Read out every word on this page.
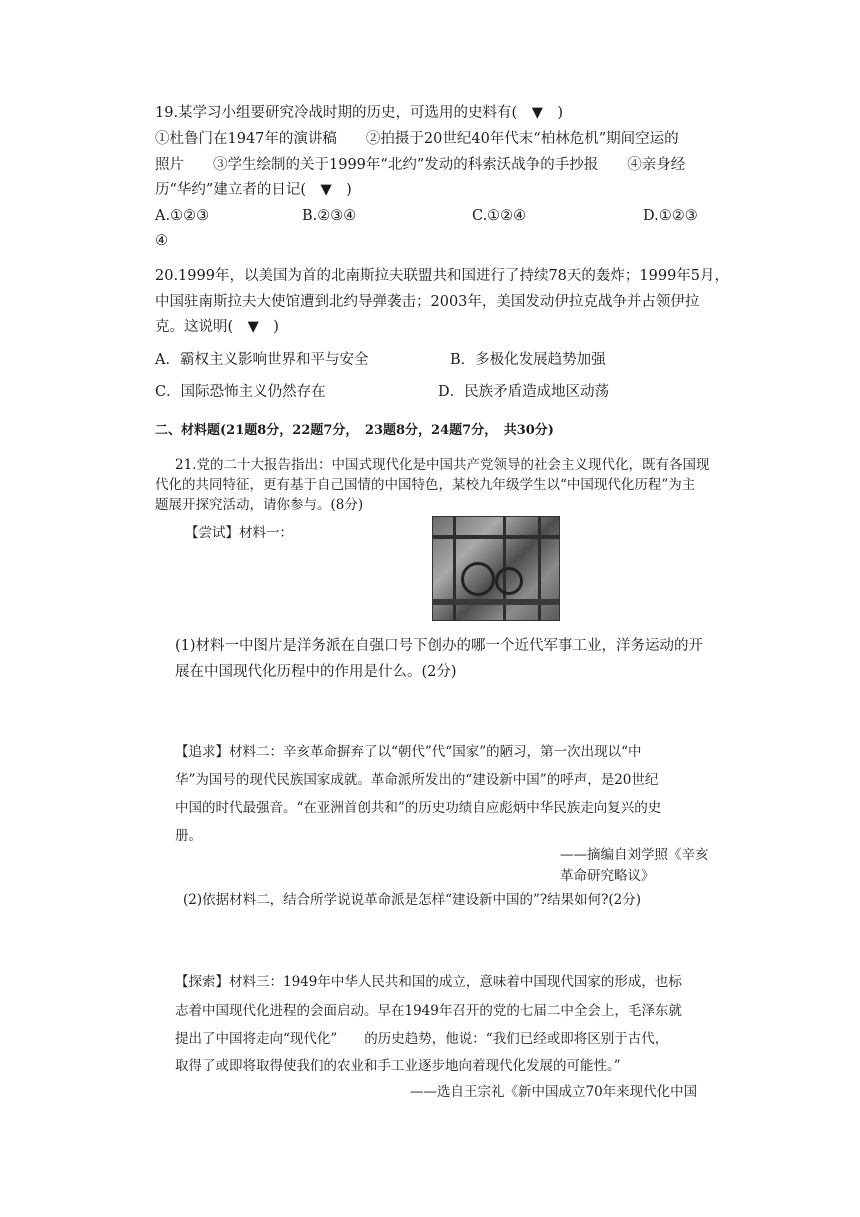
19.某学习小组要研究冷战时期的历史，可选用的史料有(　▼　)
①杜鲁门在1947年的演讲稿　　②拍摄于20世纪40年代末“柏林危机”期间空运的
照片　　③学生绘制的关于1999年“北约”发动的科索沃战争的手抄报　　④亲身经
历“华约”建立者的日记(　▼　)
A.①②③	B.②③④	C.①②④	D.①②③
④
20.1999年，以美国为首的北南斯拉夫联盟共和国进行了持续78天的轰炸；1999年5月，
中国驻南斯拉夫大使馆遭到北约导弹袭击；2003年，美国发动伊拉克战争并占领伊拉
克。这说明(　▼　)
A．霸权主义影响世界和平与安全	B．多极化发展趋势加强
C．国际恐怖主义仍然存在	D．民族矛盾造成地区动荡
二、材料题(21题8分，22题7分，　23题8分，24题7分，　共30分)
21.党的二十大报告指出：中国式现代化是中国共产党领导的社会主义现代化，既有各国现
代化的共同特征，更有基于自己国情的中国特色，某校九年级学生以“中国现代化历程”为主
题展开探究活动，请你参与。(8分)
【尝试】材料一：
(1)材料一中图片是洋务派在自强口号下创办的哪一个近代军事工业，洋务运动的开
展在中国现代化历程中的作用是什么。(2分)
【追求】材料二：辛亥革命摒弃了以“朝代”代“国家”的陋习，第一次出现以“中
华”为国号的现代民族国家成就。革命派所发出的“建设新中国”的呼声，是20世纪
中国的时代最强音。“在亚洲首创共和”的历史功绩自应彪炳中华民族走向复兴的史
册。
——摘编自刘学照《辛亥
革命研究略议》
(2)依据材料二，结合所学说说革命派是怎样“建设新中国的”?结果如何?(2分)
【探索】材料三：1949年中华人民共和国的成立，意味着中国现代国家的形成，也标
志着中国现代化进程的会面启动。早在1949年召开的党的七届二中全会上，毛泽东就
提出了中国将走向“现代化”　　的历史趋势，他说：“我们已经或即将区别于古代，
取得了或即将取得使我们的农业和手工业逐步地向着现代化发展的可能性。”
——选自王宗礼《新中国成立70年来现代化中国
